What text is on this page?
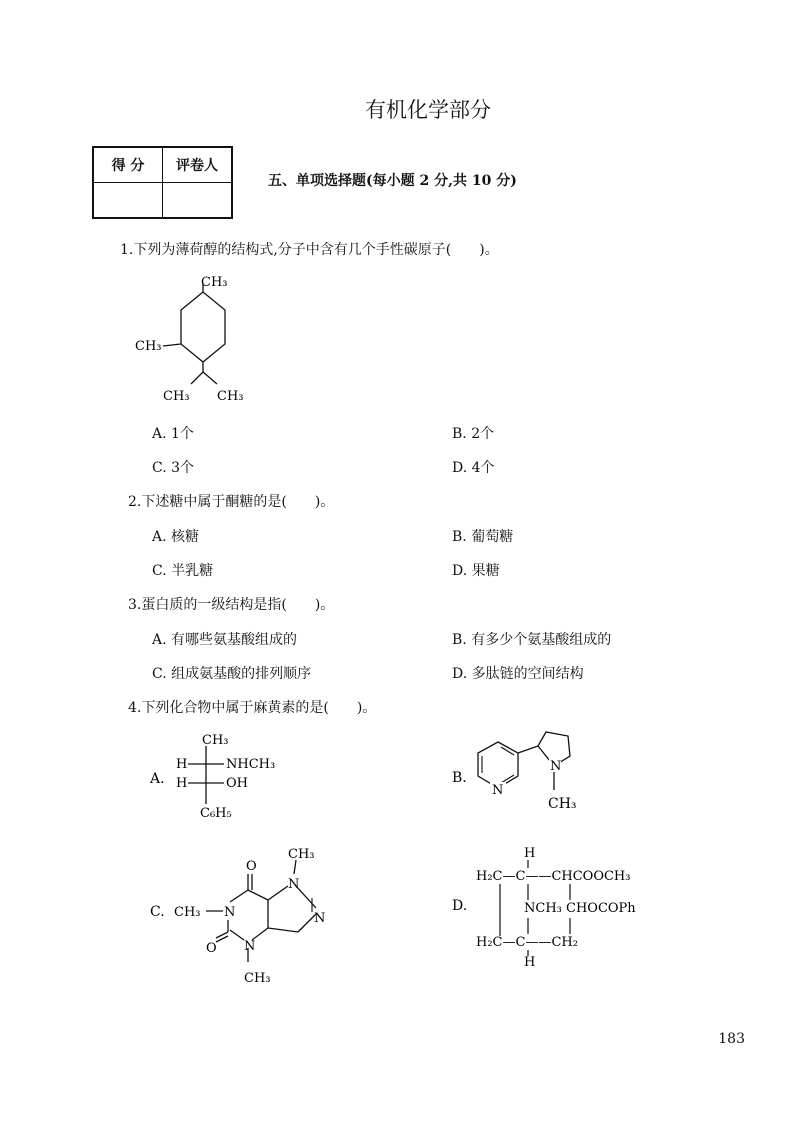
有机化学部分
得 分	评卷人

五、单项选择题(每小题 2 分,共 10 分)
1.下列为薄荷醇的结构式,分子中含有几个手性碳原子(　　)。
CH₃
CH₃
CH₃ CH₃
A. 1个	B. 2个
C. 3个	D. 4个
2.下述糖中属于酮糖的是(　　)。
A. 核糖	B. 葡萄糖
C. 半乳糖	D. 果糖
3.蛋白质的一级结构是指(　　)。
A. 有哪些氨基酸组成的	B. 有多少个氨基酸组成的
C. 组成氨基酸的排列顺序	D. 多肽链的空间结构
4.下列化合物中属于麻黄素的是(　　)。
A.
CH₃
H	NHCH₃
H	OH
C₆H₅
B.
N
N
CH₃
C. CH₃
O
O
CH₃
CH₃
N
N
N
N
D.
H
H₂C—C——CHCOOCH₃
NCH₃ CHOCOPh
H₂C—C——CH₂
H
183
